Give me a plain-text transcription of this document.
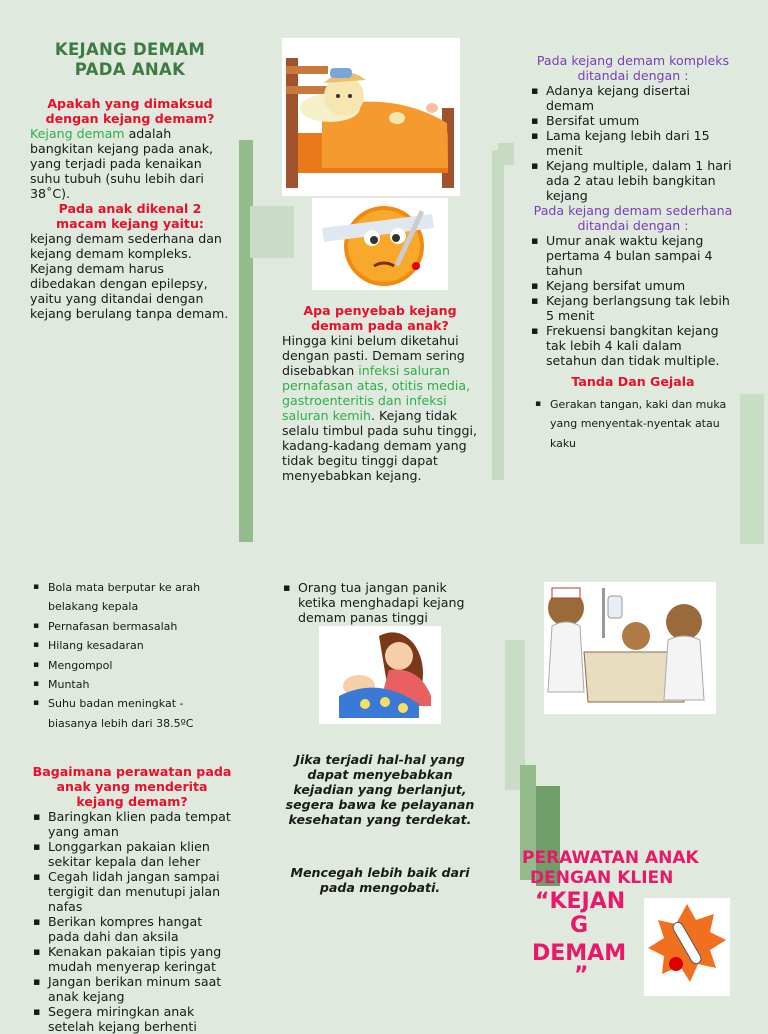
KEJANG DEMAM
PADA ANAK
Apakah yang dimaksud dengan kejang demam?
Kejang demam adalah bangkitan kejang pada anak, yang terjadi pada kenaikan suhu tubuh (suhu lebih dari 38˚C).
Pada anak dikenal 2 macam kejang yaitu:
kejang demam sederhana dan kejang demam kompleks. Kejang demam harus dibedakan dengan epilepsy, yaitu yang ditandai dengan kejang berulang tanpa demam.	Apa penyebab kejang demam pada anak?
Hingga kini belum diketahui dengan pasti. Demam sering disebabkan infeksi saluran pernafasan atas, otitis media, gastroenteritis dan infeksi saluran kemih. Kejang tidak selalu timbul pada suhu tinggi, kadang-kadang demam yang tidak begitu tinggi dapat menyebabkan kejang.
Pada kejang demam kompleks ditandai dengan :
▪ Adanya kejang disertai demam
▪ Bersifat umum
▪ Lama kejang lebih dari 15 menit
▪ Kejang multiple, dalam 1 hari ada 2 atau lebih bangkitan kejang
Pada kejang demam sederhana ditandai dengan :
▪ Umur anak waktu kejang pertama 4 bulan sampai 4 tahun
▪ Kejang bersifat umum
▪ Kejang berlangsung tak lebih 5 menit
▪ Frekuensi bangkitan kejang tak lebih 4 kali dalam setahun dan tidak multiple.
Tanda Dan Gejala
▪ Gerakan tangan, kaki dan muka yang menyentak-nyentak atau kaku
▪ Bola mata berputar ke arah belakang kepala
▪ Pernafasan bermasalah
▪ Hilang kesadaran
▪ Mengompol
▪ Muntah
▪ Suhu badan meningkat - biasanya lebih dari 38.5ºC
Bagaimana perawatan pada anak yang menderita kejang demam?
▪ Baringkan klien pada tempat yang aman
▪ Longgarkan pakaian klien sekitar kepala dan leher
▪ Cegah lidah jangan sampai tergigit dan menutupi jalan nafas
▪ Berikan kompres hangat pada dahi dan aksila
▪ Kenakan pakaian tipis yang mudah menyerap keringat
▪ Jangan berikan minum saat anak kejang
▪ Segera miringkan anak setelah kejang berhenti
▪ Orang tua jangan panik ketika menghadapi kejang demam panas tinggi
Jika terjadi hal-hal yang dapat menyebabkan kejadian yang berlanjut, segera bawa ke pelayanan kesehatan yang terdekat.
Mencegah lebih baik dari pada mengobati.
PERAWATAN ANAK
DENGAN KLIEN
“KEJAN
G
DEMAM
”
